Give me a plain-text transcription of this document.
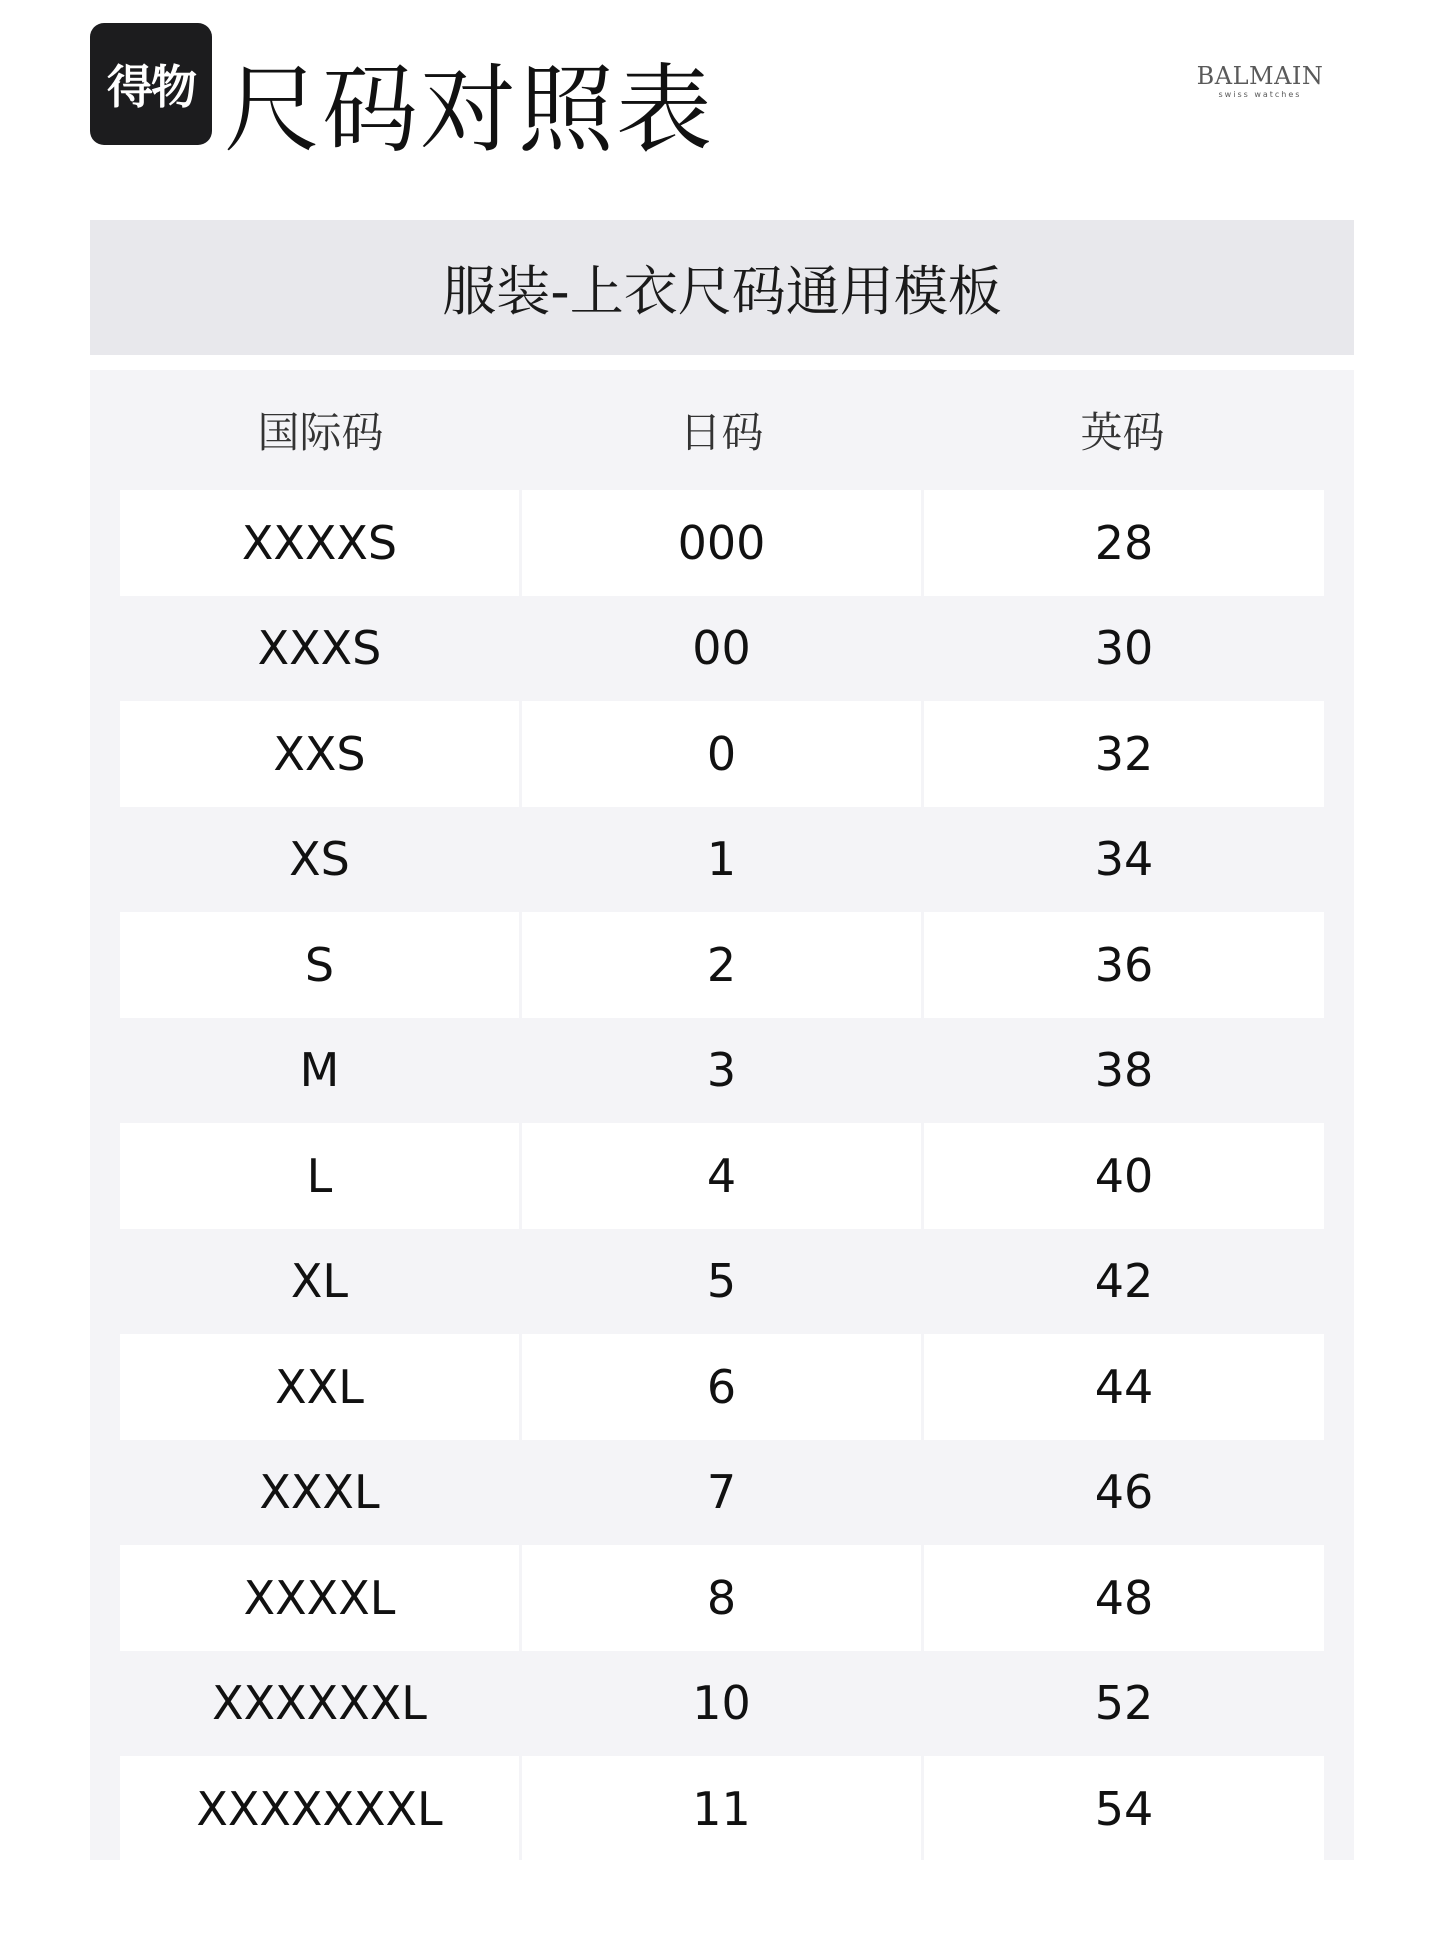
得物 尺码对照表	BALMAIN
swiss watches
服装-上衣尺码通用模板
国际码	日码	英码
XXXXS	000	28
XXXS	00	30
XXS	0	32
XS	1	34
S	2	36
M	3	38
L	4	40
XL	5	42
XXL	6	44
XXXL	7	46
XXXXL	8	48
XXXXXXL	10	52
XXXXXXXL	11	54
